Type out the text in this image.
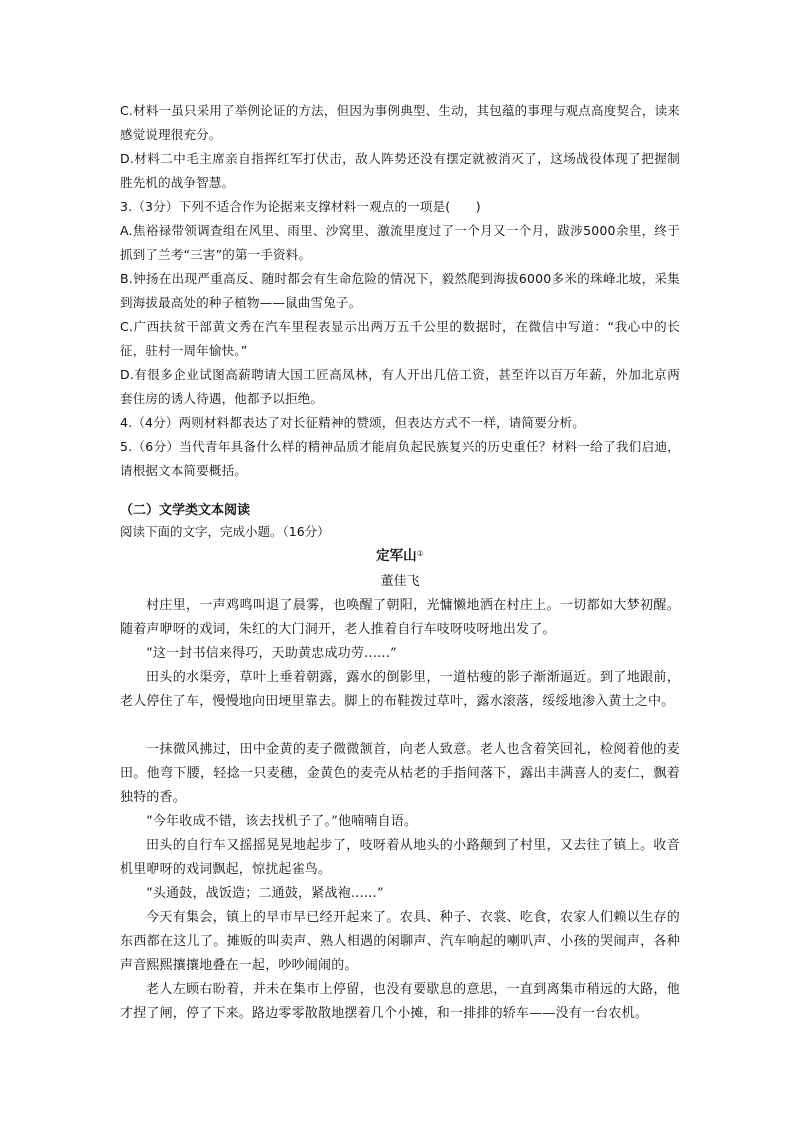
C.材料一虽只采用了举例论证的方法，但因为事例典型、生动，其包蕴的事理与观点高度契合，读来感觉说理很充分。

D.材料二中毛主席亲自指挥红军打伏击，敌人阵势还没有摆定就被消灭了，这场战役体现了把握制胜先机的战争智慧。

3.（3分）下列不适合作为论据来支撑材料一观点的一项是(　　)

A.焦裕禄带领调查组在风里、雨里、沙窝里、激流里度过了一个月又一个月，跋涉5000余里，终于抓到了兰考“三害”的第一手资料。

B.钟扬在出现严重高反、随时都会有生命危险的情况下，毅然爬到海拔6000多米的珠峰北坡，采集到海拔最高处的种子植物——鼠曲雪兔子。

C.广西扶贫干部黄文秀在汽车里程表显示出两万五千公里的数据时，在微信中写道：“我心中的长征，驻村一周年愉快。”

D.有很多企业试图高薪聘请大国工匠高凤林，有人开出几倍工资，甚至许以百万年薪，外加北京两套住房的诱人待遇，他都予以拒绝。

4.（4分）两则材料都表达了对长征精神的赞颂，但表达方式不一样，请简要分析。

5.（6分）当代青年具备什么样的精神品质才能肩负起民族复兴的历史重任？材料一给了我们启迪，请根据文本简要概括。

（二）文学类文本阅读

阅读下面的文字，完成小题。（16分）

定军山①

董佳飞

村庄里，一声鸡鸣叫退了晨雾，也唤醒了朝阳，光慵懒地洒在村庄上。一切都如大梦初醒。随着声咿呀的戏词，朱红的大门洞开，老人推着自行车吱呀吱呀地出发了。

“这一封书信来得巧，天助黄忠成功劳......”

田头的水渠旁，草叶上垂着朝露，露水的倒影里，一道枯瘦的影子渐渐逼近。到了地跟前，老人停住了车，慢慢地向田埂里靠去。脚上的布鞋拨过草叶，露水滚落，绥绥地渗入黄土之中。

一抹微风拂过，田中金黄的麦子微微颔首，向老人致意。老人也含着笑回礼，检阅着他的麦田。他弯下腰，轻捻一只麦穗，金黄色的麦壳从枯老的手指间落下，露出丰满喜人的麦仁，飘着独特的香。

“今年收成不错，该去找机子了。”他喃喃自语。

田头的自行车又摇摇晃晃地起步了，吱呀着从地头的小路颠到了村里，又去往了镇上。收音机里咿呀的戏词飘起，惊扰起雀鸟。

“头通鼓，战饭造；二通鼓，紧战袍......”

今天有集会，镇上的早市早已经开起来了。农具、种子、衣裳、吃食，农家人们赖以生存的东西都在这儿了。摊贩的叫卖声、熟人相遇的闲聊声、汽车响起的喇叭声、小孩的哭闹声，各种声音熙熙攘攘地叠在一起，吵吵闹闹的。

老人左顾右盼着，并未在集市上停留，也没有要歇息的意思，一直到离集市稍远的大路，他才捏了闸，停了下来。路边零零散散地摆着几个小摊，和一排排的轿车——没有一台农机。
